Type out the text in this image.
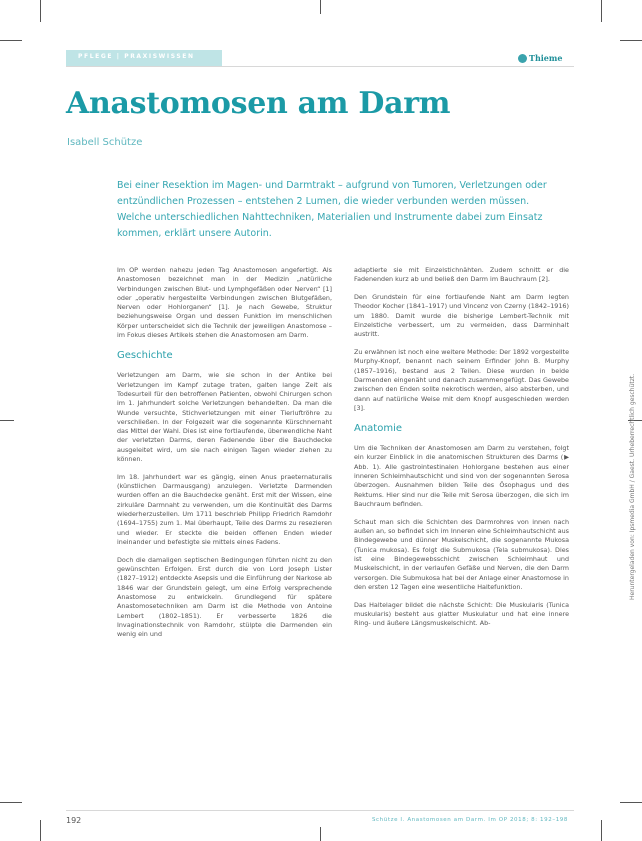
PFLEGE | PRAXISWISSEN	Thieme
Anastomosen am Darm
Isabell Schütze
Bei einer Resektion im Magen- und Darmtrakt – aufgrund von Tumoren, Verletzungen oder entzündlichen Prozessen – entstehen 2 Lumen, die wieder verbunden werden müssen. Welche unterschiedlichen Nahttechniken, Materialien und Instrumente dabei zum Einsatz kommen, erklärt unsere Autorin.

Im OP werden nahezu jeden Tag Anastomosen angefertigt. Als Anastomosen bezeichnet man in der Medizin „natürliche Verbindungen zwischen Blut- und Lymphgefäßen oder Nerven“ [1] oder „operativ hergestellte Verbindungen zwischen Blutgefäßen, Nerven oder Hohlorganen“ [1]. Je nach Gewebe, Struktur beziehungsweise Organ und dessen Funktion im menschlichen Körper unterscheidet sich die Technik der jeweiligen Anastomose – im Fokus dieses Artikels stehen die Anastomosen am Darm.

Geschichte

Verletzungen am Darm, wie sie schon in der Antike bei Verletzungen im Kampf zutage traten, galten lange Zeit als Todesurteil für den betroffenen Patienten, obwohl Chirurgen schon im 1. Jahrhundert solche Verletzungen behandelten. Da man die Wunde versuchte, Stichverletzungen mit einer Tierluftröhre zu verschließen. In der Folgezeit war die sogenannte Kürschnernaht das Mittel der Wahl. Dies ist eine fortlaufende, überwendliche Naht der verletzten Darms, deren Fadenende über die Bauchdecke ausgeleitet wird, um sie nach einigen Tagen wieder ziehen zu können.

Im 18. Jahrhundert war es gängig, einen Anus praeternaturalis (künstlichen Darmausgang) anzulegen. Verletzte Darmenden wurden offen an die Bauchdecke genäht. Erst mit der Wissen, eine zirkuläre Darmnaht zu verwenden, um die Kontinuität des Darms wiederherzustellen. Um 1711 beschrieb Philipp Friedrich Ramdohr (1694–1755) zum 1. Mal überhaupt, Teile des Darms zu resezieren und wieder. Er steckte die beiden offenen Enden wieder ineinander und befestigte sie mittels eines Fadens.

Doch die damaligen septischen Bedingungen führten nicht zu den gewünschten Erfolgen. Erst durch die von Lord Joseph Lister (1827–1912) entdeckte Asepsis und die Einführung der Narkose ab 1846 war der Grundstein gelegt, um eine Erfolg versprechende Anastomose zu entwickeln. Grundlegend für spätere Anastomosetechniken am Darm ist die Methode von Antoine Lembert (1802–1851). Er verbesserte 1826 die Invaginationstechnik von Ramdohr, stülpte die Darmenden ein wenig ein und

adaptierte sie mit Einzelstichnähten. Zudem schnitt er die Fadenenden kurz ab und beließ den Darm im Bauchraum [2].

Den Grundstein für eine fortlaufende Naht am Darm legten Theodor Kocher (1841–1917) und Vincenz von Czerny (1842–1916) um 1880. Damit wurde die bisherige Lembert-Technik mit Einzelstiche verbessert, um zu vermeiden, dass Darminhalt austritt.

Zu erwähnen ist noch eine weitere Methode: Der 1892 vorgestellte Murphy-Knopf, benannt nach seinem Erfinder John B. Murphy (1857–1916), bestand aus 2 Teilen. Diese wurden in beide Darmenden eingenäht und danach zusammengefügt. Das Gewebe zwischen den Enden sollte nekrotisch werden, also absterben, und dann auf natürliche Weise mit dem Knopf ausgeschieden werden [3].

Anatomie

Um die Techniken der Anastomosen am Darm zu verstehen, folgt ein kurzer Einblick in die anatomischen Strukturen des Darms (▶ Abb. 1). Alle gastrointestinalen Hohlorgane bestehen aus einer inneren Schleimhautschicht und sind von der sogenannten Serosa überzogen. Ausnahmen bilden Teile des Ösophagus und des Rektums. Hier sind nur die Teile mit Serosa überzogen, die sich im Bauchraum befinden.

Schaut man sich die Schichten des Darmrohres von innen nach außen an, so befindet sich im Inneren eine Schleimhautschicht aus Bindegewebe und dünner Muskelschicht, die sogenannte Mukosa (Tunica mukosa). Es folgt die Submukosa (Tela submukosa). Dies ist eine Bindegewebsschicht zwischen Schleimhaut und Muskelschicht, in der verlaufen Gefäße und Nerven, die den Darm versorgen. Die Submukosa hat bei der Anlage einer Anastomose in den ersten 12 Tagen eine wesentliche Haltefunktion.

Das Haltelager bildet die nächste Schicht: Die Muskularis (Tunica muskularis) besteht aus glatter Muskulatur und hat eine innere Ring- und äußere Längsmuskelschicht. Ab-

Heruntergeladen von: Ipsmedia GmbH / Gaest. Urheberrechtlich geschützt.
192	Schütze I. Anastomosen am Darm. Im OP 2018; 8: 192–198
